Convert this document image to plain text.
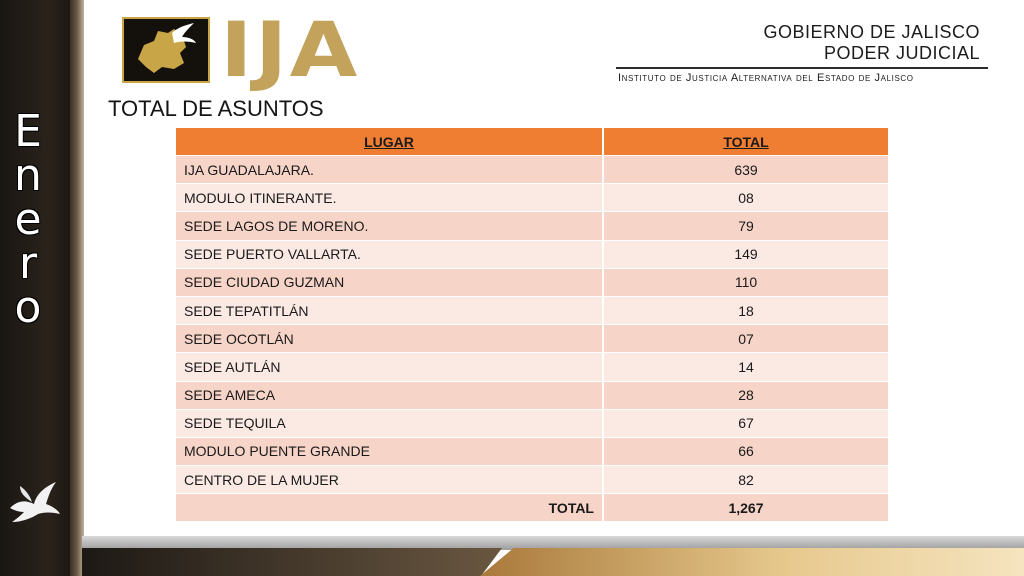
E
n
e
r
o
IJA	GOBIERNO DE JALISCO
PODER JUDICIAL
Instituto de Justicia Alternativa del Estado de Jalisco
TOTAL DE ASUNTOS
LUGAR	TOTAL
IJA GUADALAJARA.	639
MODULO ITINERANTE.	08
SEDE LAGOS DE MORENO.	79
SEDE PUERTO VALLARTA.	149
SEDE CIUDAD GUZMAN	110
SEDE TEPATITLÁN	18
SEDE OCOTLÁN	07
SEDE AUTLÁN	14
SEDE AMECA	28
SEDE TEQUILA	67
MODULO PUENTE GRANDE	66
CENTRO DE LA MUJER	82
TOTAL	1,267
